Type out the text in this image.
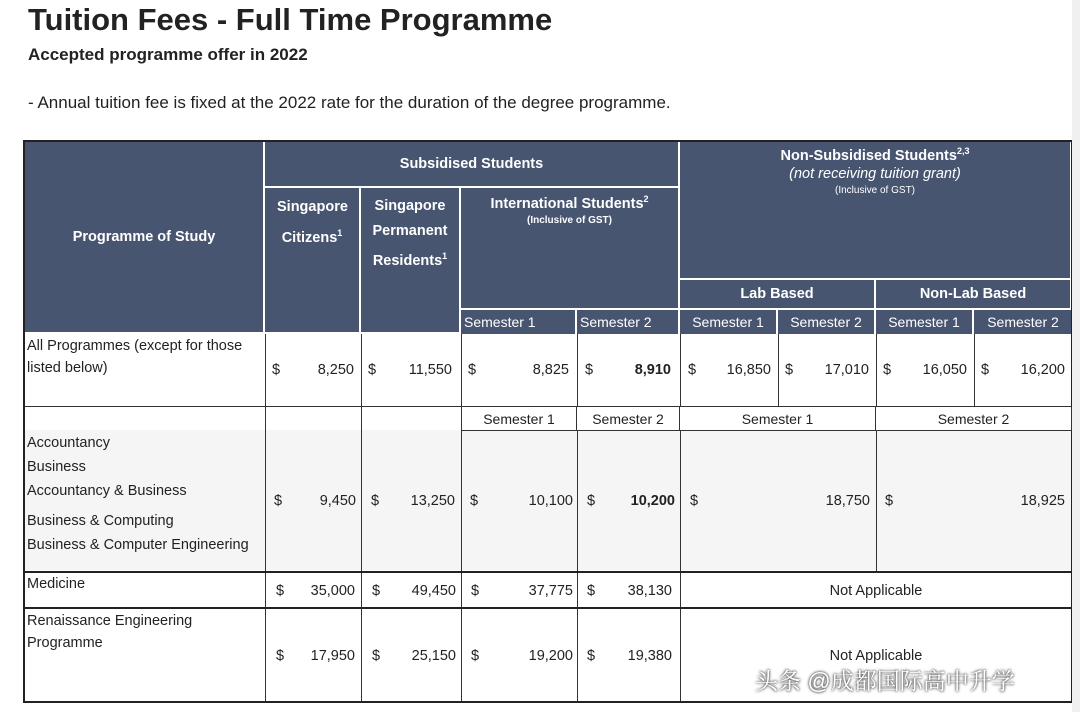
Tuition Fees - Full Time Programme
Accepted programme offer in 2022
- Annual tuition fee is fixed at the 2022 rate for the duration of the degree programme.
Programme of Study
Subsidised Students
Singapore Citizens$^1$
Singapore Permanent Residents$^1$
International Students$^2$
(Inclusive of GST)
Non-Subsidised Students$^{2,3}$
(not receiving tuition grant)
(Inclusive of GST)
Lab Based	Non-Lab Based
Semester 1	Semester 2	Semester 1 Semester 2 Semester 1 Semester 2
All Programmes (except for those
listed below)	$	8,250 $	11,550 $	8,825 $	8,910 $	16,850 $	17,010 $	16,050 $	16,200
Semester 1	Semester 2	Semester 1	Semester 2
Accountancy
Business
Accountancy & Business
Business & Computing
Business & Computer Engineering
$	9,450 $	13,250 $	10,100 $	10,200 $	18,750 $	18,925
Medicine	$	35,000 $	49,450 $	37,775 $	38,130	Not Applicable
Renaissance Engineering
Programme
$	17,950 $	25,150 $	19,200 $	19,380	Not Applicable
头条 @成都国际高中升学
